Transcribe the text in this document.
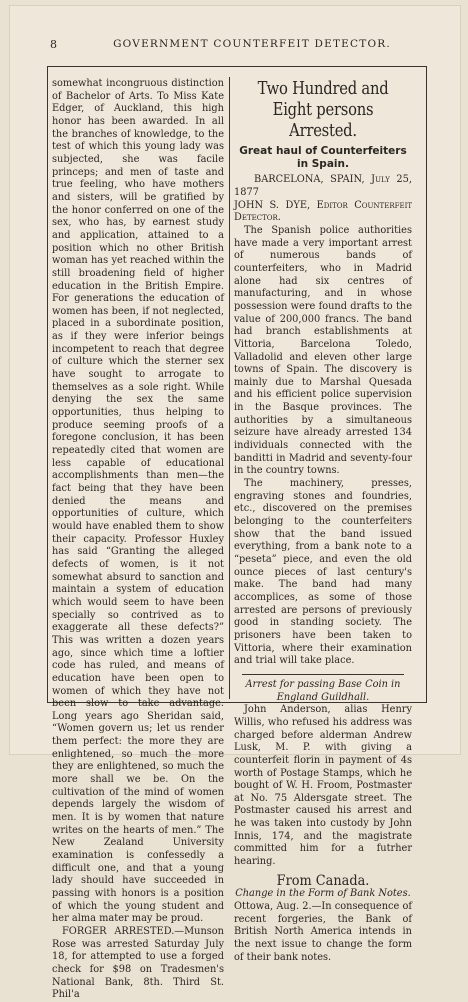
8	GOVERNMENT COUNTERFEIT DETECTOR.

somewhat incongruous distinction of Bachelor of Arts. To Miss Kate Edger, of Auckland, this high honor has been awarded. In all the branches of knowledge, to the test of which this young lady was subjected, she was facile princeps; and men of taste and true feeling, who have mothers and sisters, will be gratified by the honor conferred on one of the sex, who has, by earnest study and application, attained to a position which no other British woman has yet reached within the still broadening field of higher education in the British Empire. For generations the education of women has been, if not neglected, placed in a subordinate position, as if they were inferior beings incompetent to reach that degree of culture which the sterner sex have sought to arrogate to themselves as a sole right. While denying the sex the same opportunities, thus helping to produce seeming proofs of a foregone conclusion, it has been repeatedly cited that women are less capable of educational accomplishments than men—the fact being that they have been denied the means and opportunities of culture, which would have enabled them to show their capacity. Professor Huxley has said “Granting the alleged defects of women, is it not somewhat absurd to sanction and maintain a system of education which would seem to have been specially so contrived as to exaggerate all these defects?” This was written a dozen years ago, since which time a loftier code has ruled, and means of education have been open to women of which they have not been slow to take advantage. Long years ago Sheridan said, “Women govern us; let us render them perfect: the more they are enlightened, so much the more they are enlightened, so much the more shall we be. On the cultivation of the mind of women depends largely the wisdom of men. It is by women that nature writes on the hearts of men.” The New Zealand University examination is confessedly a difficult one, and that a young lady should have succeeded in passing with honors is a position of which the young student and her alma mater may be proud.

FORGER ARRESTED.—Munson Rose was arrested Saturday July 18, for attempted to use a forged check for $98 on Tradesmen's National Bank, 8th. Third St. Phil'a

Two Hundred and Eight persons Arrested.
Great haul of Counterfeiters in Spain.

BARCELONA, SPAIN, July 25, 1877

JOHN S. DYE, Editor Counterfeit Detector.

The Spanish police authorities have made a very important arrest of numerous bands of counterfeiters, who in Madrid alone had six centres of manufacturing, and in whose possession were found drafts to the value of 200,000 francs. The band had branch establishments at Vittoria, Barcelona Toledo, Valladolid and eleven other large towns of Spain. The discovery is mainly due to Marshal Quesada and his efficient police supervision in the Basque provinces. The authorities by a simultaneous seizure have already arrested 134 individuals connected with the banditti in Madrid and seventy-four in the country towns.

The machinery, presses, engraving stones and foundries, etc., discovered on the premises belonging to the counterfeiters show that the band issued everything, from a bank note to a “peseta” piece, and even the old ounce pieces of last century's make. The band had many accomplices, as some of those arrested are persons of previously good in standing society. The prisoners have been taken to Vittoria, where their examination and trial will take place.

Arrest for passing Base Coin in England Guildhall.

John Anderson, alias Henry Willis, who refused his address was charged before alderman Andrew Lusk, M. P. with giving a counterfeit florin in payment of 4s worth of Postage Stamps, which he bought of W. H. Froom, Postmaster at No. 75 Aldersgate street. The Postmaster caused his arrest and he was taken into custody by John Innis, 174, and the magistrate committed him for a futrher hearing.

From Canada.

Change in the Form of Bank Notes.

Ottowa, Aug. 2.—In consequence of recent forgeries, the Bank of British North America intends in the next issue to change the form of their bank notes.
